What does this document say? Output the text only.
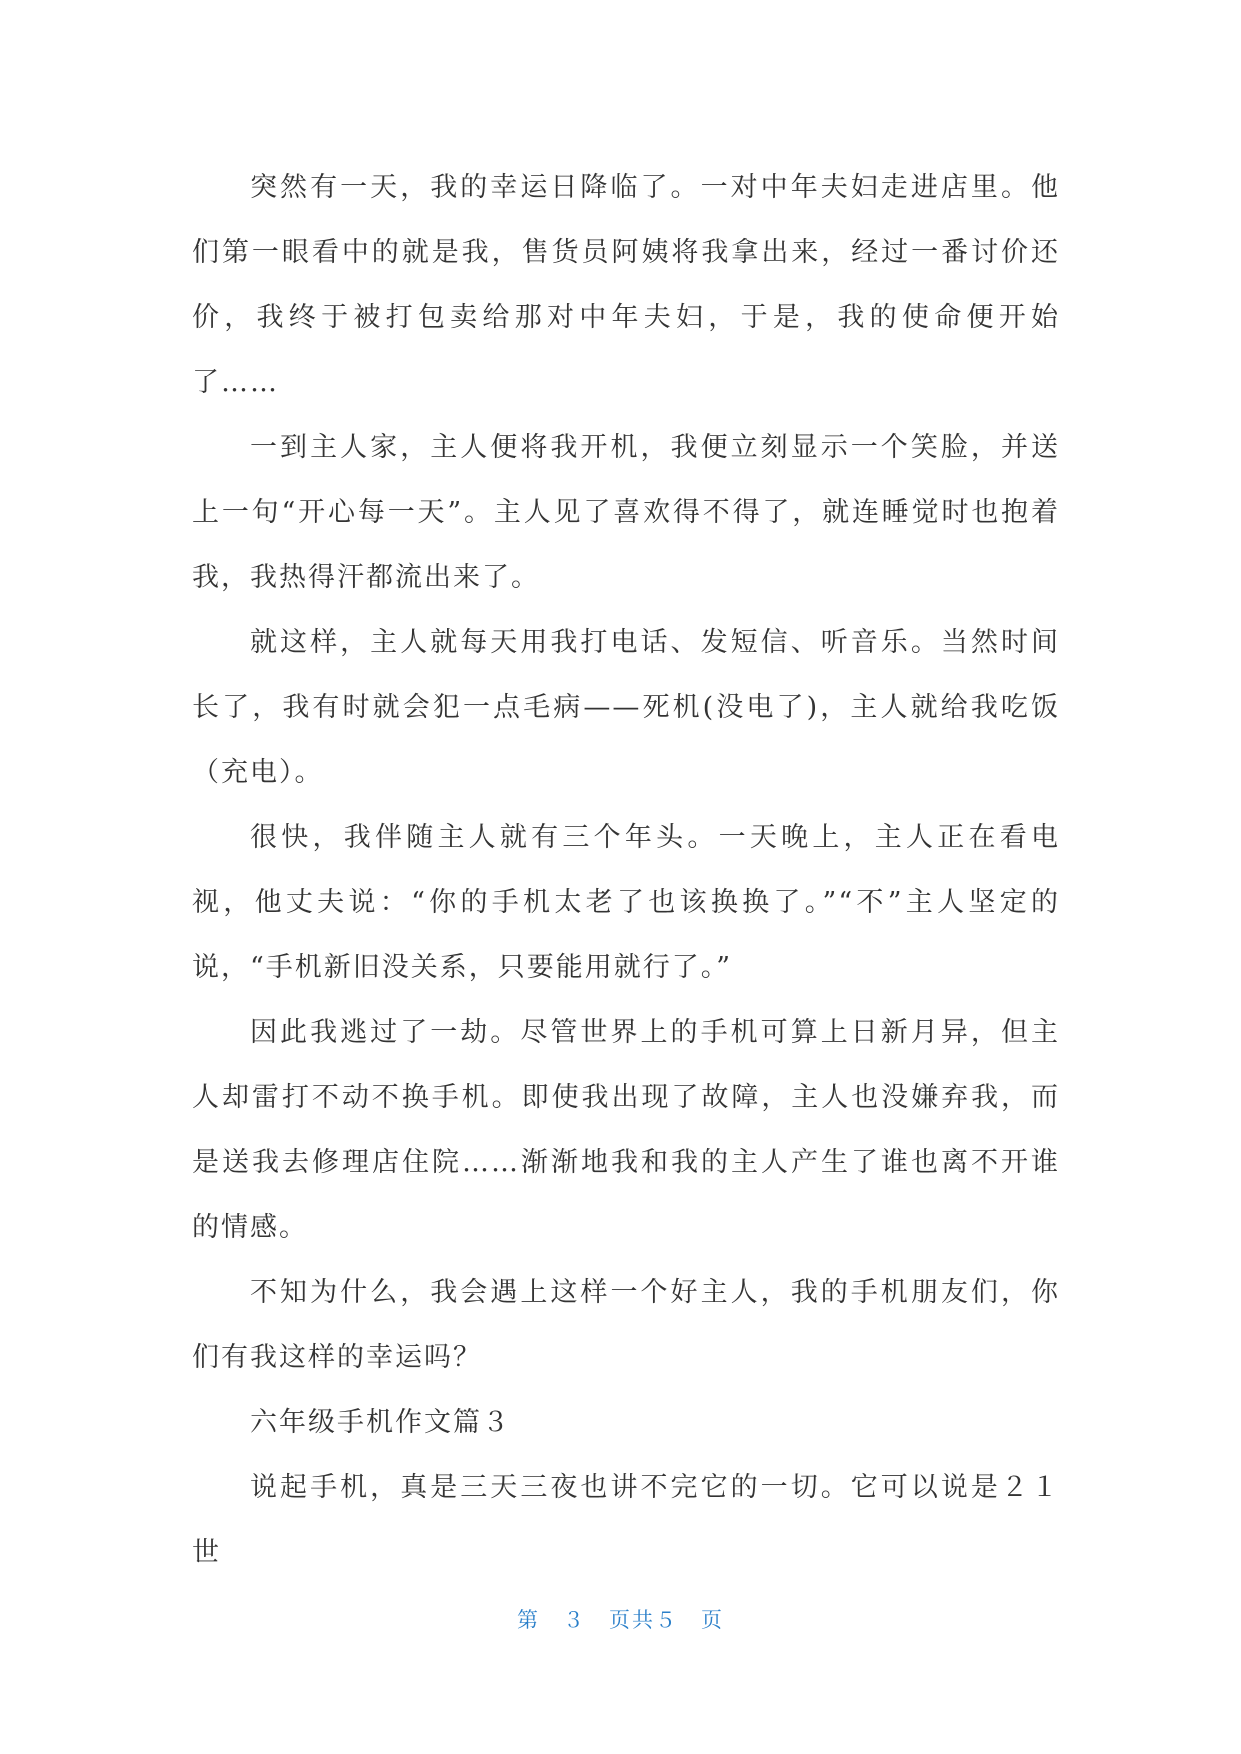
突然有一天，我的幸运日降临了。一对中年夫妇走进店里。他们第一眼看中的就是我，售货员阿姨将我拿出来，经过一番讨价还价，我终于被打包卖给那对中年夫妇，于是，我的使命便开始了……

一到主人家，主人便将我开机，我便立刻显示一个笑脸，并送上一句“开心每一天”。主人见了喜欢得不得了，就连睡觉时也抱着我，我热得汗都流出来了。

就这样，主人就每天用我打电话、发短信、听音乐。当然时间长了，我有时就会犯一点毛病——死机(没电了)，主人就给我吃饭（充电）。

很快，我伴随主人就有三个年头。一天晚上，主人正在看电视，他丈夫说：“你的手机太老了也该换换了。”“不”主人坚定的说，“手机新旧没关系，只要能用就行了。”

因此我逃过了一劫。尽管世界上的手机可算上日新月异，但主人却雷打不动不换手机。即使我出现了故障，主人也没嫌弃我，而是送我去修理店住院……渐渐地我和我的主人产生了谁也离不开谁的情感。

不知为什么，我会遇上这样一个好主人，我的手机朋友们，你们有我这样的幸运吗？

六年级手机作文篇３

说起手机，真是三天三夜也讲不完它的一切。它可以说是２１世

第　３　页共５　页
